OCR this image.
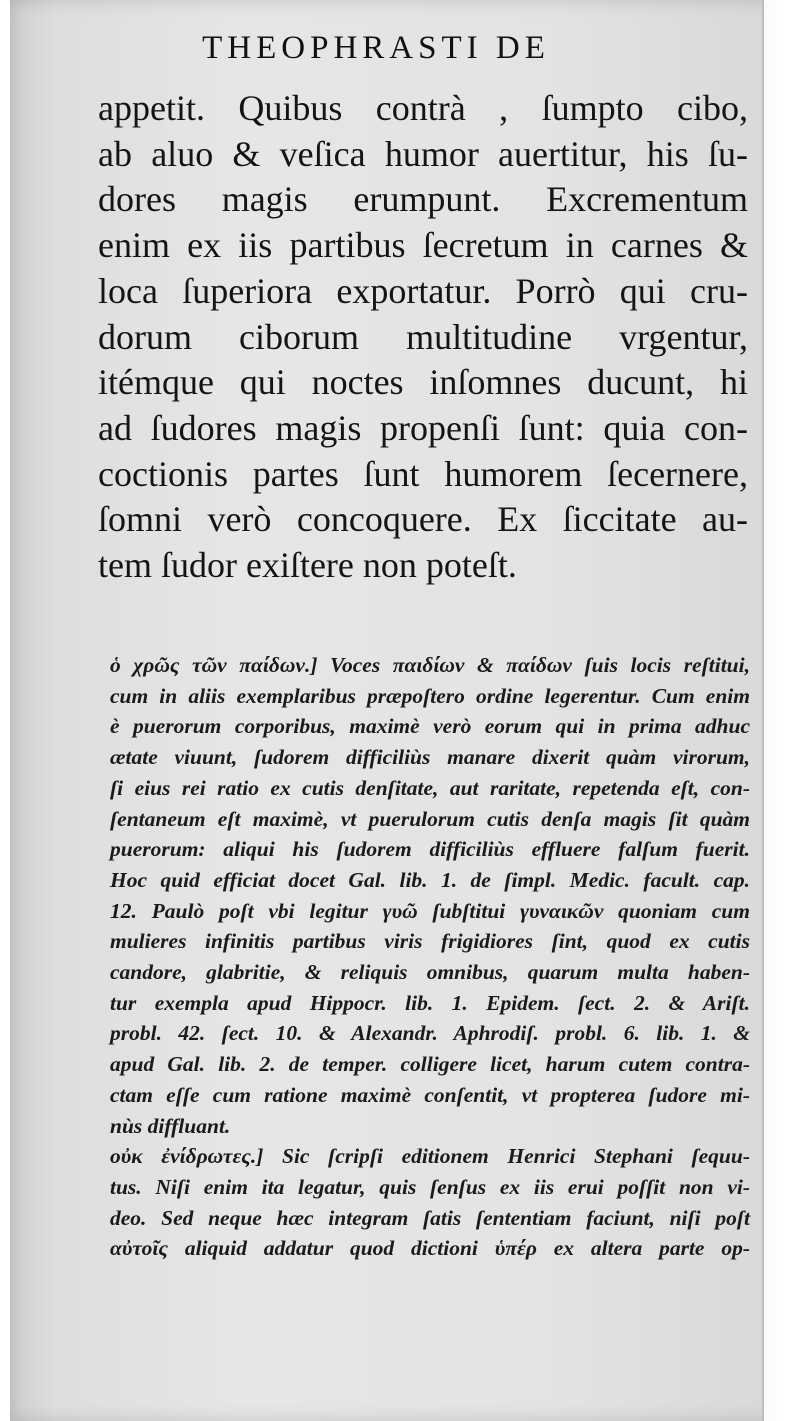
THEOPHRASTI DE
appetit. Quibus contrà , ſumpto cibo,
ab aluo & veſica humor auertitur, his ſu-
dores magis erumpunt. Excrementum
enim ex iis partibus ſecretum in carnes &
loca ſuperiora exportatur. Porrò qui cru-
dorum ciborum multitudine vrgentur,
itémque qui noctes inſomnes ducunt, hi
ad ſudores magis propenſi ſunt: quia con-
coctionis partes ſunt humorem ſecernere,
ſomni verò concoquere. Ex ſiccitate au-
tem ſudor exiſtere non poteſt.
ὁ χρῶς τῶν παίδων.] Voces παιδίων & παίδων ſuis locis reſtitui,
cum in aliis exemplaribus præpoſtero ordine legerentur. Cum enim
è puerorum corporibus, maximè verò eorum qui in prima adhuc
ætate viuunt, ſudorem difficiliùs manare dixerit quàm virorum,
ſi eius rei ratio ex cutis denſitate, aut raritate, repetenda eſt, con-
ſentaneum eſt maximè, vt puerulorum cutis denſa magis ſit quàm
puerorum: aliqui his ſudorem difficiliùs effluere falſum fuerit.
Hoc quid efficiat docet Gal. lib. 1. de ſimpl. Medic. facult. cap.
12. Paulò poſt vbi legitur γυῶ ſubſtitui γυναικῶν quoniam cum
mulieres infinitis partibus viris frigidiores ſint, quod ex cutis
candore, glabritie, & reliquis omnibus, quarum multa haben-
tur exempla apud Hippocr. lib. 1. Epidem. ſect. 2. & Ariſt.
probl. 42. ſect. 10. & Alexandr. Aphrodiſ. probl. 6. lib. 1. &
apud Gal. lib. 2. de temper. colligere licet, harum cutem contra-
ctam eſſe cum ratione maximè conſentit, vt propterea ſudore mi-
nùs diffluant.
οὐκ ἐνίδρωτες.] Sic ſcripſi editionem Henrici Stephani ſequu-
tus. Niſi enim ita legatur, quis ſenſus ex iis erui poſſit non vi-
deo. Sed neque hæc integram ſatis ſententiam faciunt, niſi poſt
αὐτοῖς aliquid addatur quod dictioni ὑπέρ ex altera parte op-
